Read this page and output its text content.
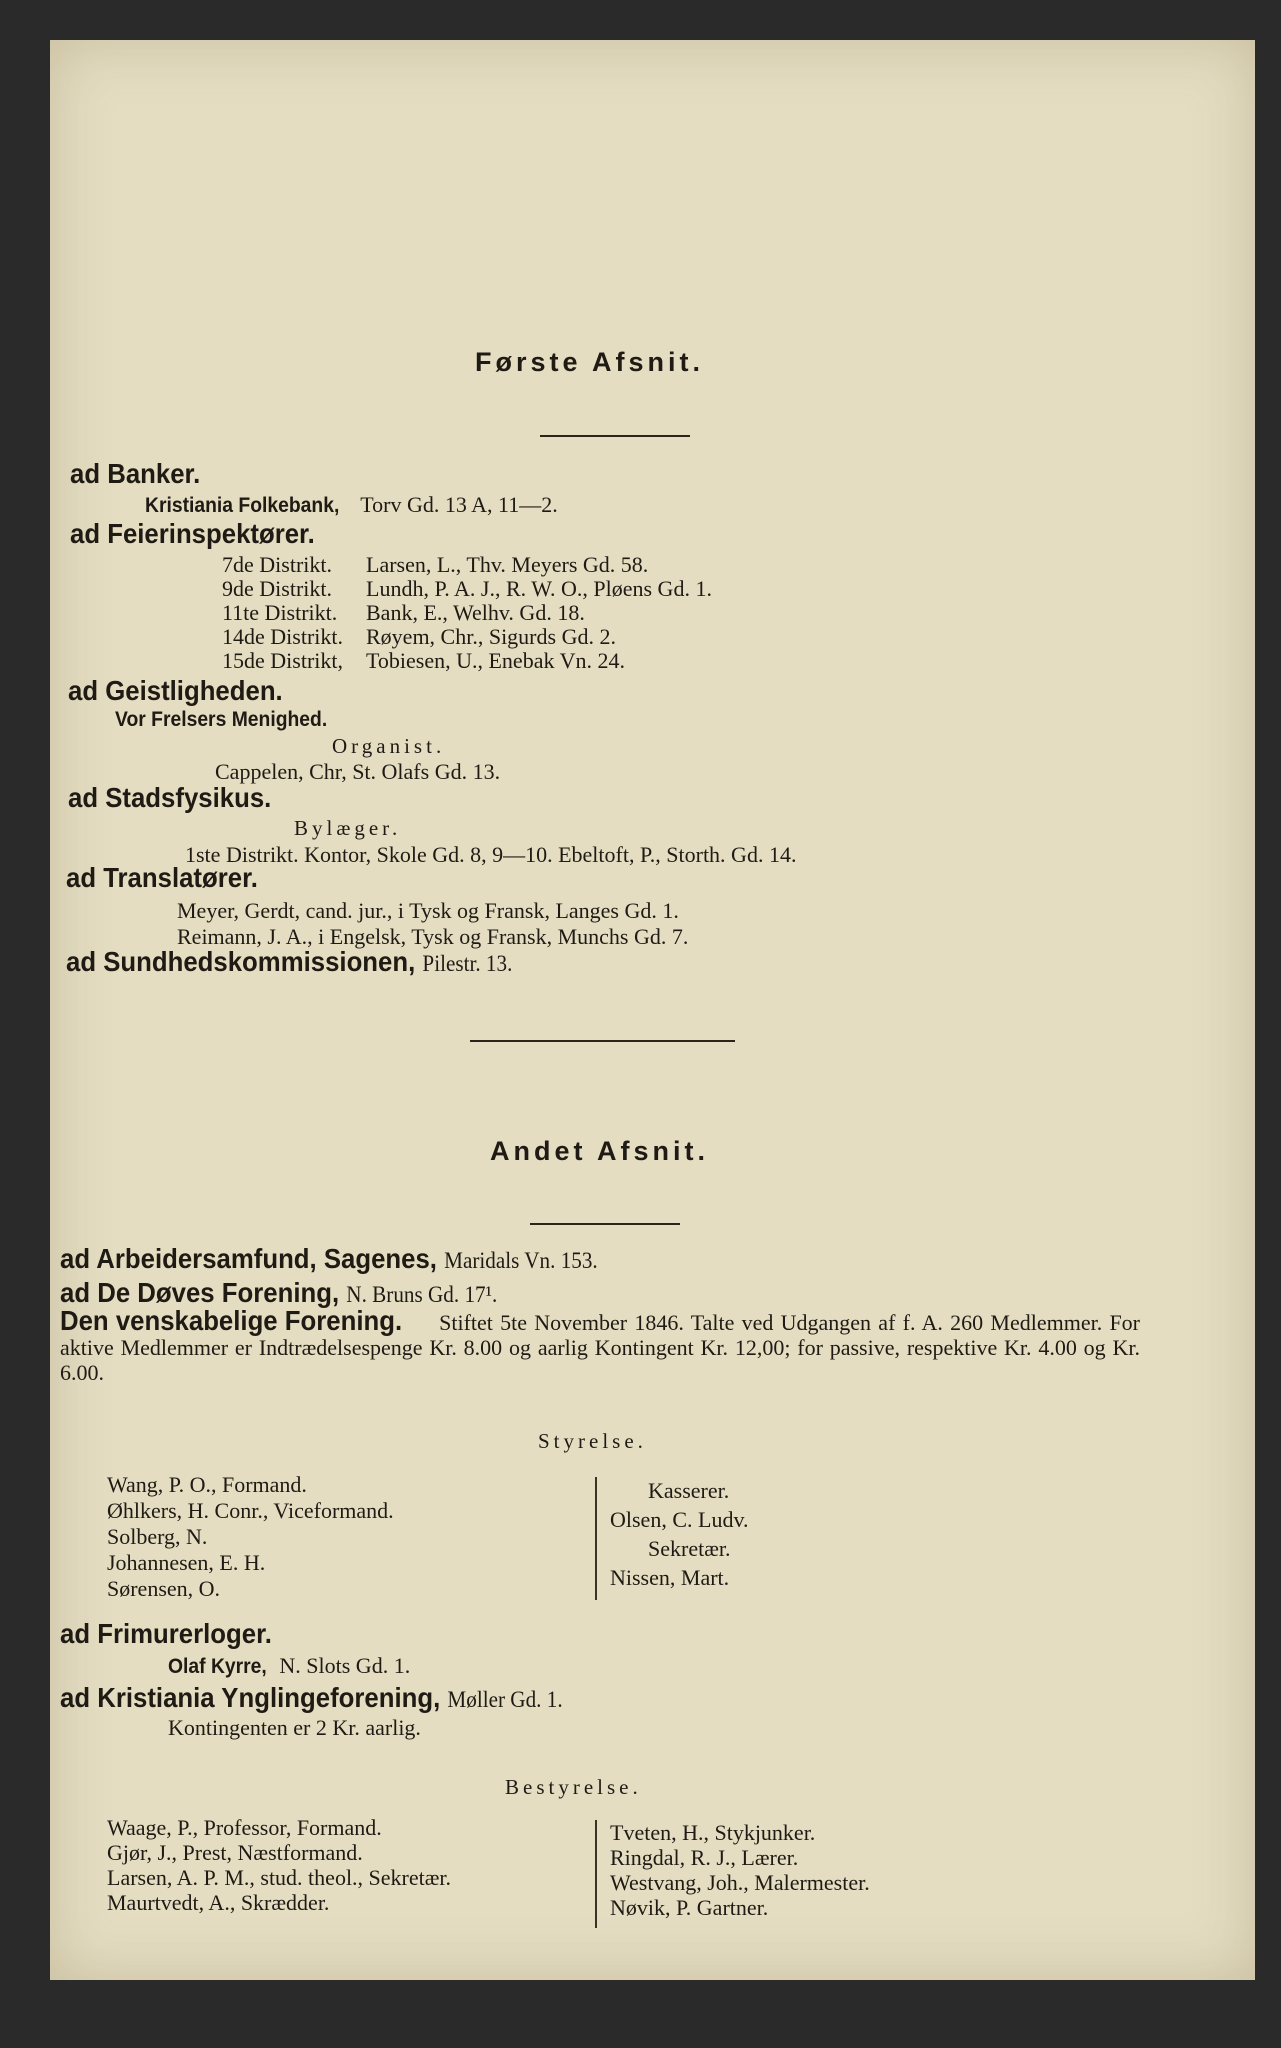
Første Afsnit.
ad Banker.
Kristiania Folkebank, Torv Gd. 13 A, 11—2.
ad Feierinspektører.
7de Distrikt. Larsen, L., Thv. Meyers Gd. 58.
9de Distrikt. Lundh, P. A. J., R. W. O., Pløens Gd. 1.
11te Distrikt. Bank, E., Welhv. Gd. 18.
14de Distrikt. Røyem, Chr., Sigurds Gd. 2.
15de Distrikt, Tobiesen, U., Enebak Vn. 24.
ad Geistligheden.
Vor Frelsers Menighed.
Organist.
Cappelen, Chr, St. Olafs Gd. 13.
ad Stadsfysikus.
Bylæger.
1ste Distrikt. Kontor, Skole Gd. 8, 9—10. Ebeltoft, P., Storth. Gd. 14.
ad Translatører.
Meyer, Gerdt, cand. jur., i Tysk og Fransk, Langes Gd. 1.
Reimann, J. A., i Engelsk, Tysk og Fransk, Munchs Gd. 7.
ad Sundhedskommissionen, Pilestr. 13.
Andet Afsnit.
ad Arbeidersamfund, Sagenes, Maridals Vn. 153.
ad De Døves Forening, N. Bruns Gd. 17¹.
Den venskabelige Forening. Stiftet 5te November 1846. Talte ved Udgangen af f. A. 260 Medlemmer. For aktive Medlemmer er Indtrædelsespenge Kr. 8.00 og aarlig Kontingent Kr. 12,00; for passive, respektive Kr. 4.00 og Kr. 6.00.
Styrelse.
Wang, P. O., Formand.
Øhlkers, H. Conr., Viceformand.
Solberg, N.
Johannesen, E. H.
Sørensen, O.
Kasserer.
Olsen, C. Ludv.
Sekretær.
Nissen, Mart.
ad Frimurerloger.
Olaf Kyrre, N. Slots Gd. 1.
ad Kristiania Ynglingeforening, Møller Gd. 1.
Kontingenten er 2 Kr. aarlig.
Bestyrelse.
Waage, P., Professor, Formand.
Gjør, J., Prest, Næstformand.
Larsen, A. P. M., stud. theol., Sekretær.
Maurtvedt, A., Skrædder.
Tveten, H., Stykjunker.
Ringdal, R. J., Lærer.
Westvang, Joh., Malermester.
Nøvik, P. Gartner.
